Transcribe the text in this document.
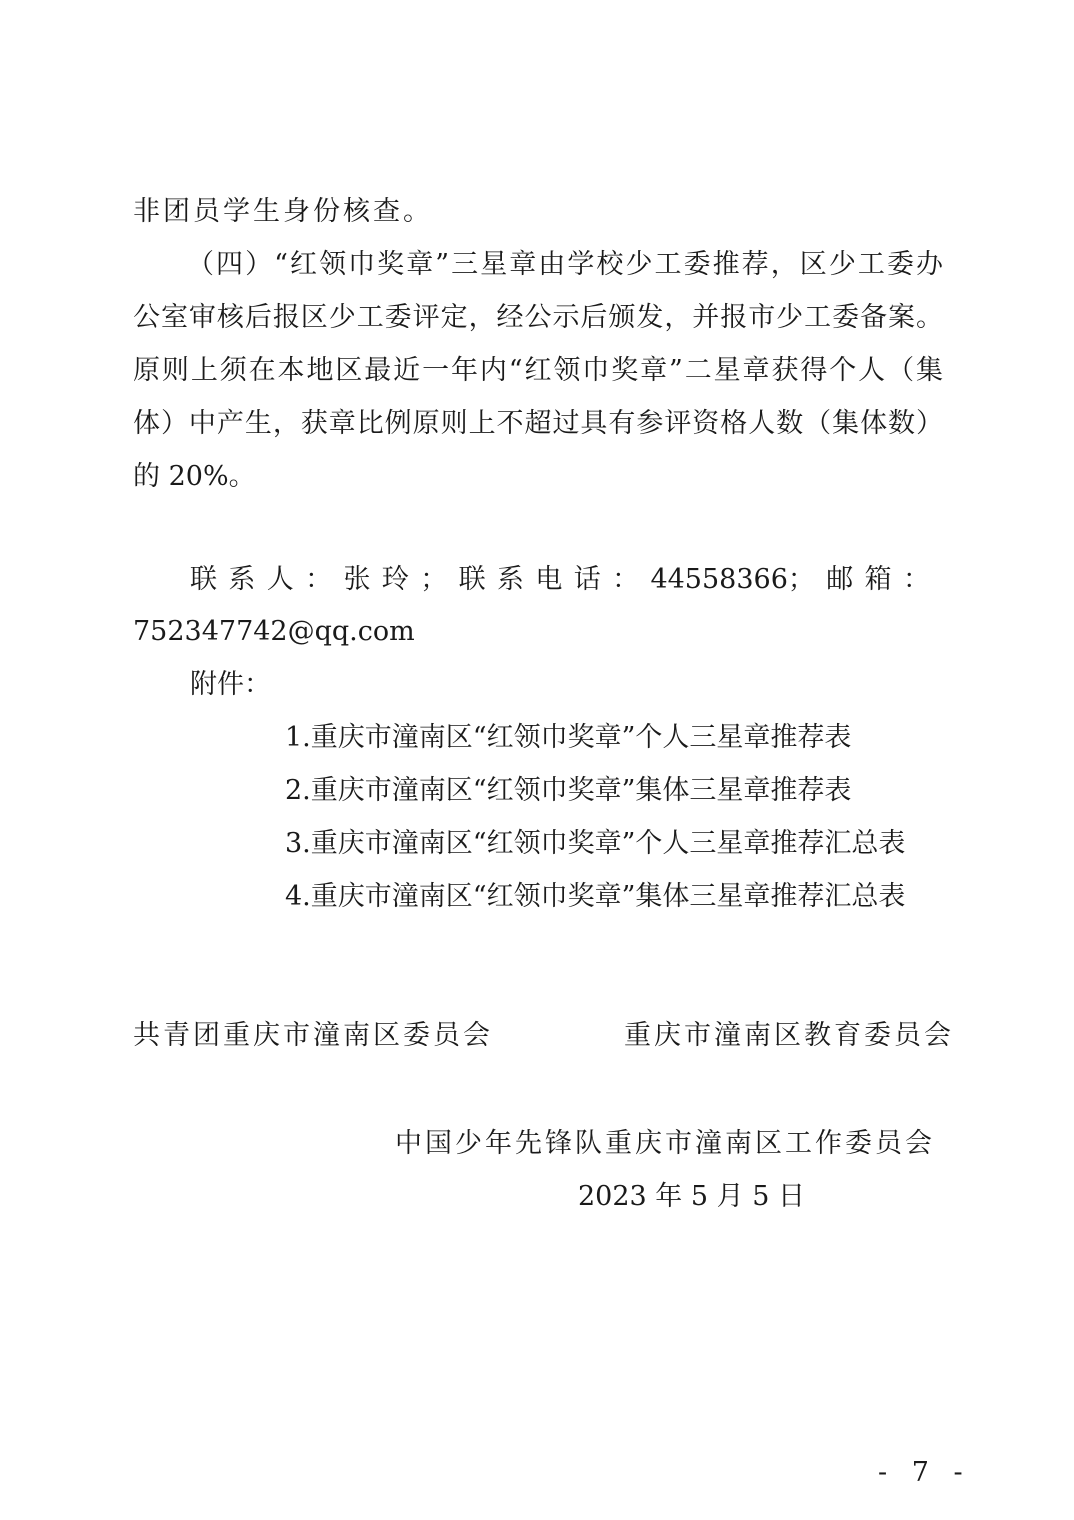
非团员学生身份核查。
（四）“红领巾奖章”三星章由学校少工委推荐，区少工委办
公室审核后报区少工委评定，经公示后颁发，并报市少工委备案。
原则上须在本地区最近一年内“红领巾奖章”二星章获得个人（集
体）中产生，获章比例原则上不超过具有参评资格人数（集体数）
的 20%。
联系人：张玲；联系电话：44558366；邮箱：
752347742@qq.com
附件：
1.重庆市潼南区“红领巾奖章”个人三星章推荐表
2.重庆市潼南区“红领巾奖章”集体三星章推荐表
3.重庆市潼南区“红领巾奖章”个人三星章推荐汇总表
4.重庆市潼南区“红领巾奖章”集体三星章推荐汇总表
共青团重庆市潼南区委员会	重庆市潼南区教育委员会
中国少年先锋队重庆市潼南区工作委员会
2023 年 5 月 5 日
- 7 -
